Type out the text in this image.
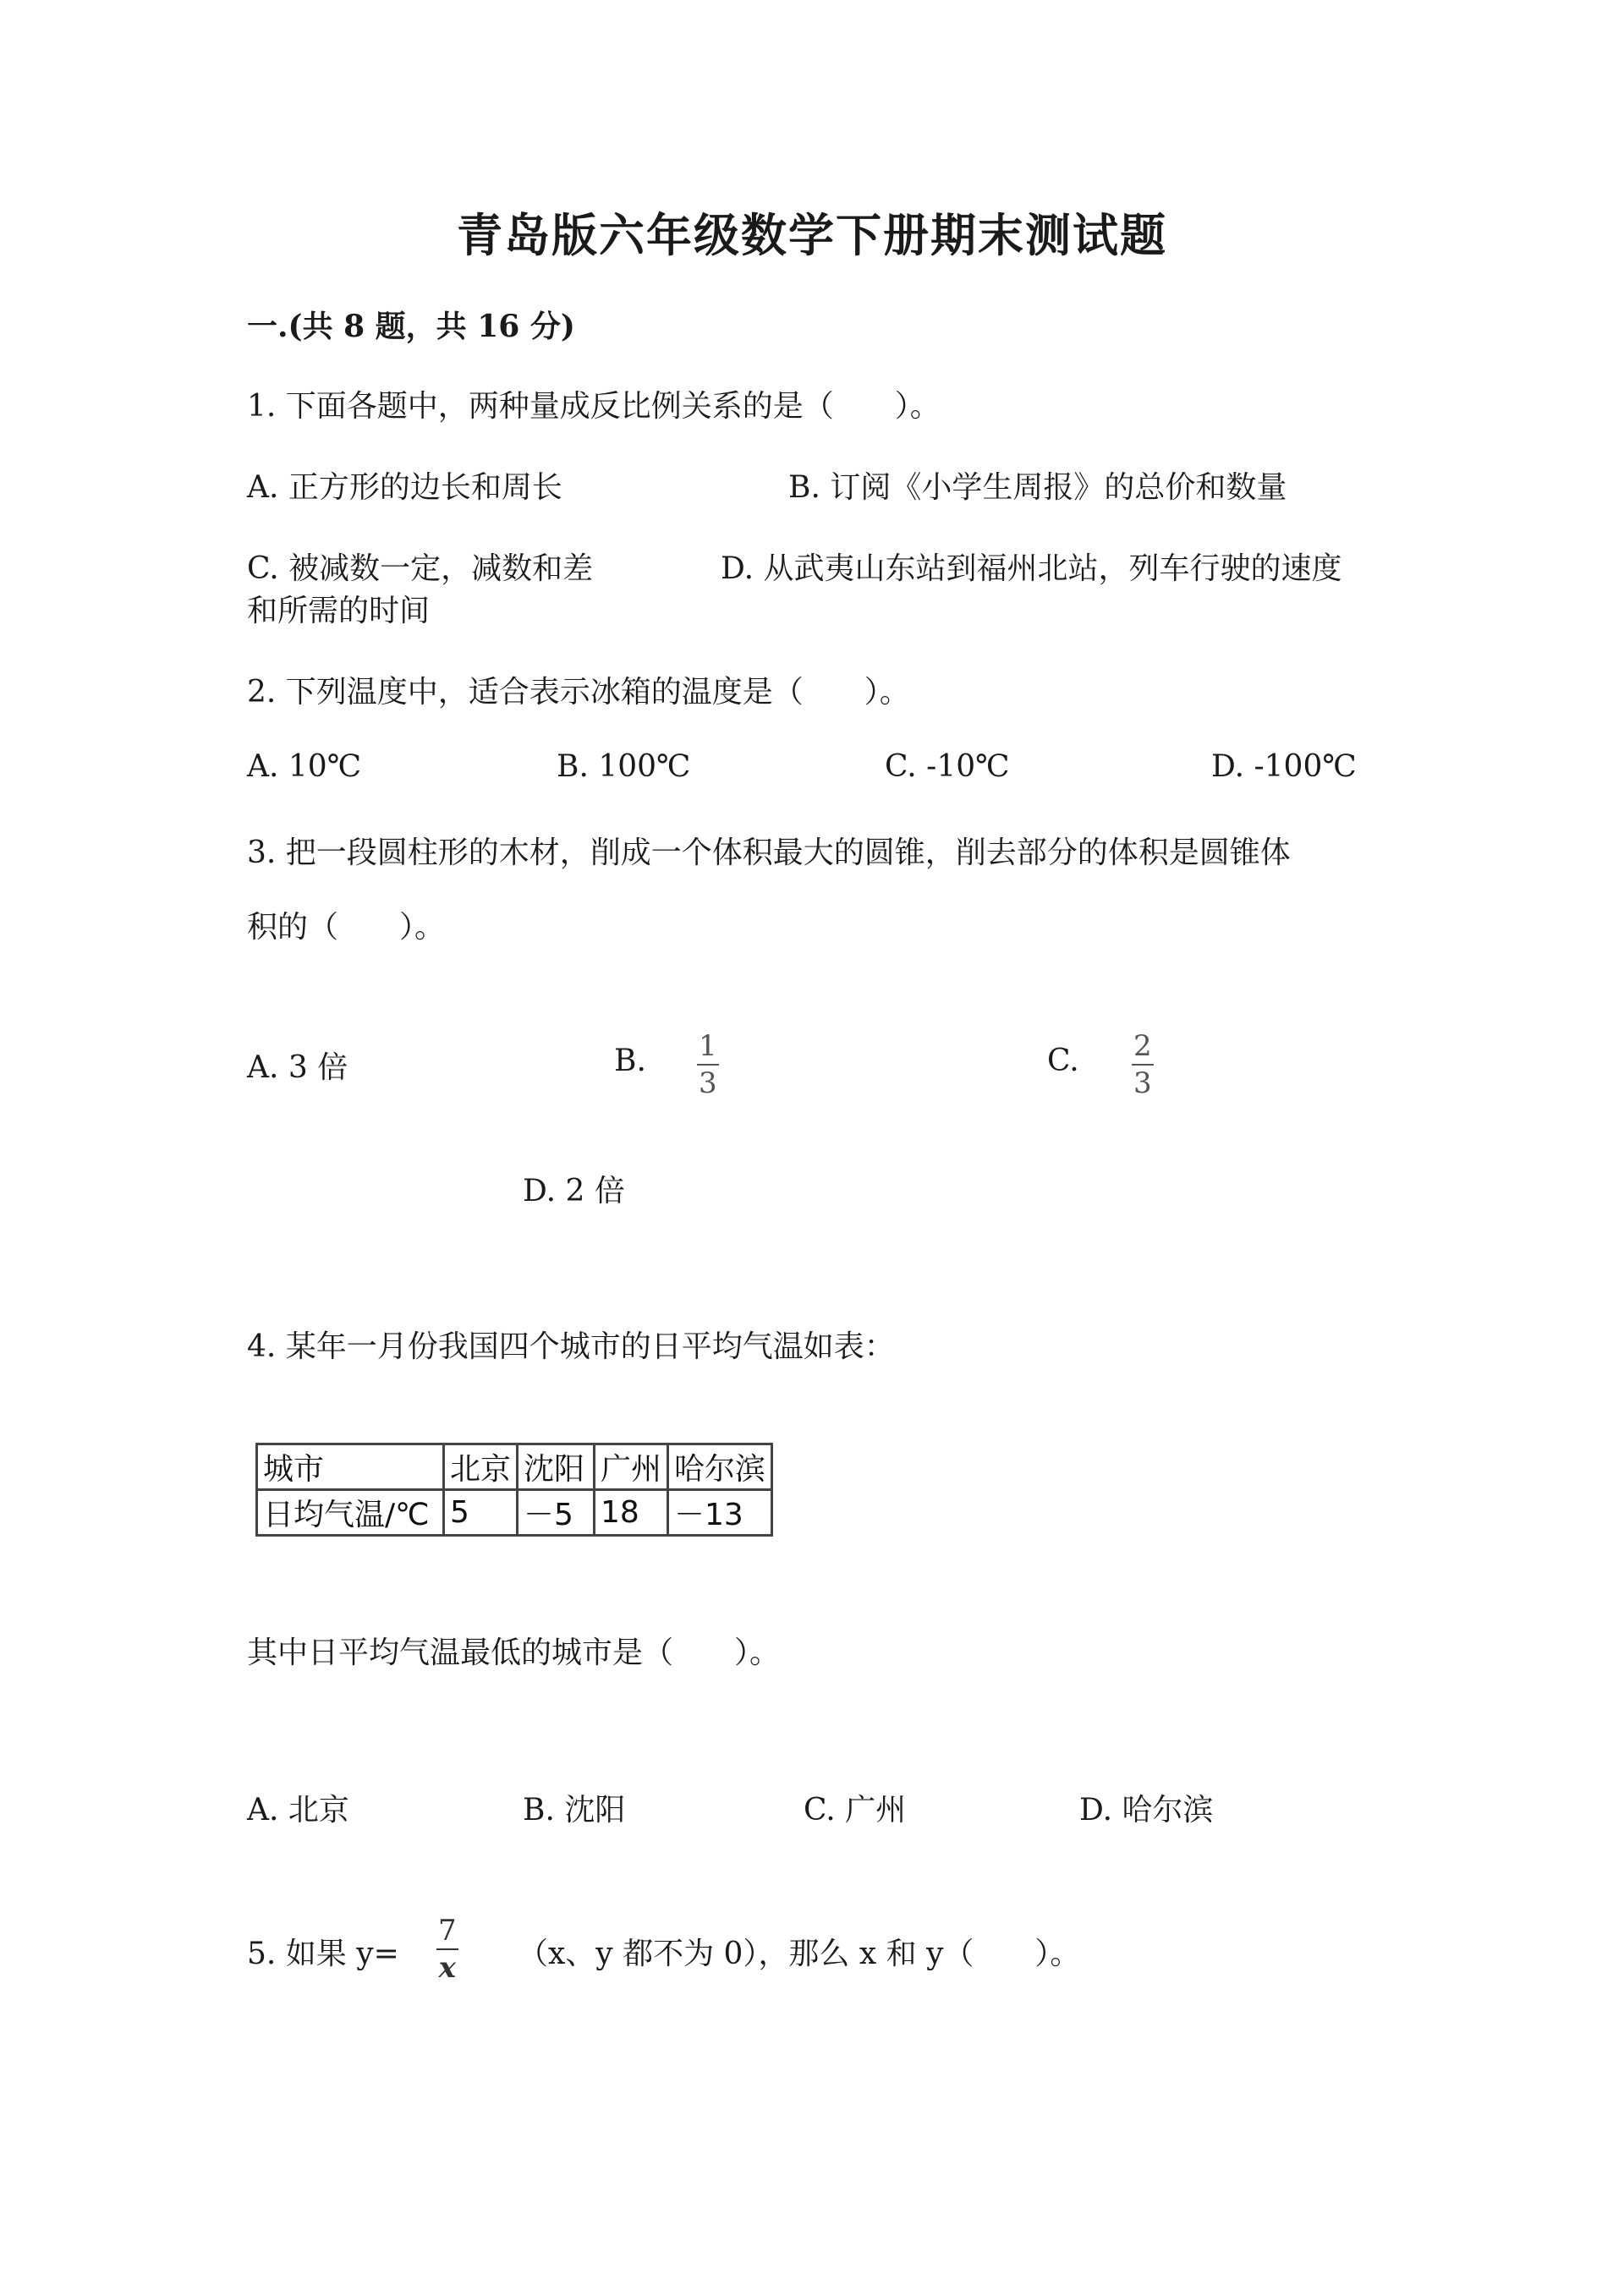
青岛版六年级数学下册期末测试题
一.(共 8 题，共 16 分)
1. 下面各题中，两种量成反比例关系的是（　　）。
A. 正方形的边长和周长	B. 订阅《小学生周报》的总价和数量
C. 被减数一定，减数和差	D. 从武夷山东站到福州北站，列车行驶的速度
和所需的时间
2. 下列温度中，适合表示冰箱的温度是（　　）。
A. 10℃	B. 100℃	C. -10℃	D. -100℃
3. 把一段圆柱形的木材，削成一个体积最大的圆锥，削去部分的体积是圆锥体
积的（　　）。
A. 3 倍	B. 1
3
C. 2
3
D. 2 倍
4. 某年一月份我国四个城市的日平均气温如表：
城市	北京	沈阳	广州	哈尔滨
日均气温/℃	5	－5	18	－13
其中日平均气温最低的城市是（　　）。
A. 北京	B. 沈阳	C. 广州	D. 哈尔滨
5. 如果 y=
7
x （x、y 都不为 0），那么 x 和 y（　　）。
